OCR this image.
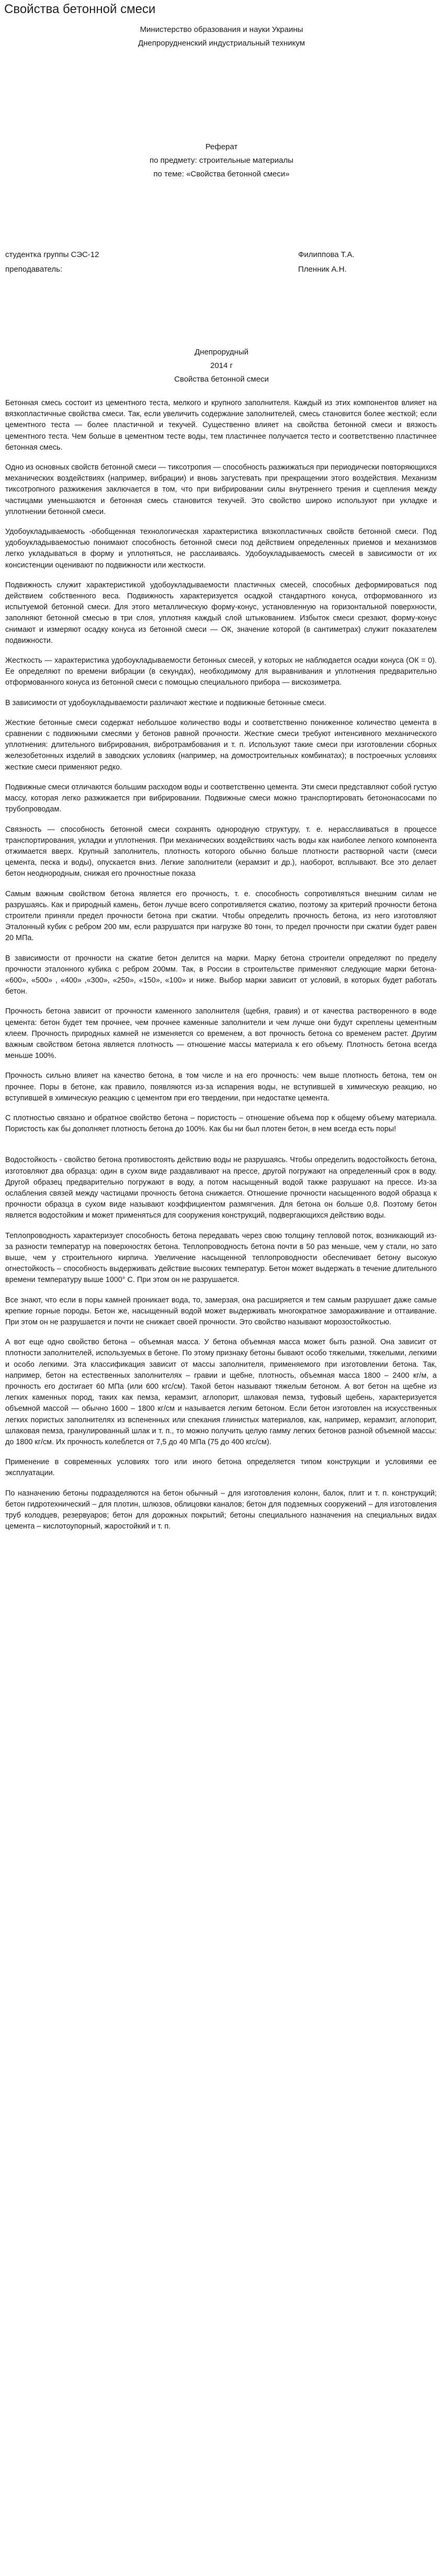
Свойства бетонной смеси
Министерство образования и науки Украины
Днепрорудненский индустриальный техникум
Реферат
по предмету: строительные материалы
по теме: «Свойства бетонной смеси»
студентка группы СЭС-12	Филиппова Т.А.
преподаватель:	Пленник А.Н.
Днепрорудный
2014 г
Свойства бетонной смеси

Бетонная смесь состоит из цементного теста, мелкого и крупного заполнителя. Каждый из этих компонентов влияет на вязкопластичные свойства смеси. Так, если увеличить содержание заполнителей, смесь становится более жесткой; если цементного теста — более пластичной и текучей. Существенно влияет на свойства бетонной смеси и вязкость цементного теста. Чем больше в цементном тесте воды, тем пластичнее получается тесто и соответственно пластичнее бетонная смесь.

Одно из основных свойств бетонной смеси — тиксотропия — способность разжижаться при периодически повторяющихся механических воздействиях (например, вибрации) и вновь загустевать при прекращении этого воздействия. Механизм тиксотропного разжижения заключается в том, что при вибрировании силы внутреннего трения и сцепления между частицами уменьшаются и бетонная смесь становится текучей. Это свойство широко используют при укладке и уплотнении бетонной смеси.

Удобоукладываемость -обобщенная технологическая характеристика вязкопластичных свойств бетонной смеси. Под удобоукладываемостью понимают способность бетонной смеси под действием определенных приемов и механизмов легко укладываться в форму и уплотняться, не расслаиваясь. Удобоукладываемость смесей в зависимости от их консистенции оценивают по подвижности или жесткости.

Подвижность служит характеристикой удобоукладываемости пластичных смесей, способных деформироваться под действием собственного веса. Подвижность характеризуется осадкой стандартного конуса, отформованного из испытуемой бетонной смеси. Для этого металлическую форму-конус, установленную на горизонтальной поверхности, заполняют бетонной смесью в три слоя, уплотняя каждый слой штыкованием. Избыток смеси срезают, форму-конус снимают и измеряют осадку конуса из бетонной смеси — ОК, значение которой (в сантиметрах) служит показателем подвижности.

Жесткость — характеристика удобоукладываемости бетонных смесей, у которых не наблюдается осадки конуса (ОК = 0). Ее определяют по времени вибрации (в секундах), необходимому для выравнивания и уплотнения предварительно отформованного конуса из бетонной смеси с помощью специального прибора — вискозиметра.

В зависимости от удобоукладываемости различают жесткие и подвижные бетонные смеси.

Жесткие бетонные смеси содержат небольшое количество воды и соответственно пониженное количество цемента в сравнении с подвижными смесями у бетонов равной прочности. Жесткие смеси требуют интенсивного механического уплотнения: длительного вибрирования, вибротрамбования и т. п. Используют такие смеси при изготовлении сборных железобетонных изделий в заводских условиях (например, на домостроительных комбинатах); в построечных условиях жесткие смеси применяют редко.

Подвижные смеси отличаются большим расходом воды и соответственно цемента. Эти смеси представляют собой густую массу, которая легко разжижается при вибрировании. Подвижные смеси можно транспортировать бетононасосами по трубопроводам.

Связность — способность бетонной смеси сохранять однородную структуру, т. е. нерасслаиваться в процессе транспортирования, укладки и уплотнения. При механических воздействиях часть воды как наиболее легкого компонента отжимается вверх. Крупный заполнитель, плотность которого обычно больше плотности растворной части (смеси цемента, песка и воды), опускается вниз. Легкие заполнители (керамзит и др.), наоборот, всплывают. Все это делает бетон неоднородным, снижая его прочностные показа

Самым важным свойством бетона является его прочность, т. е. способность сопротивляться внешним силам не разрушаясь. Как и природный камень, бетон лучше всего сопротивляется сжатию, поэтому за критерий прочности бетона строители приняли предел прочности бетона при сжатии. Чтобы определить прочность бетона, из него изготовляют Эталонный кубик с ребром 200 мм, если разрушатся при нагрузке 80 тонн, то предел прочности при сжатии будет равен 20 МПа.

В зависимости от прочности на сжатие бетон делится на марки. Марку бетона строители определяют по пределу прочности эталонного кубика с ребром 200мм. Так, в России в строительстве применяют следующие марки бетона- «600», «500» , «400» ,«300», «250», «150», «100» и ниже. Выбор марки зависит от условий, в которых будет работать бетон.

Прочность бетона зависит от прочности каменного заполнителя (щебня, гравия) и от качества растворенного в воде цемента: бетон будет тем прочнее, чем прочнее каменные заполнители и чем лучше они будут скреплены цементным клеем. Прочность природных камней не изменяется со временем, а вот прочность бетона со временем растет. Другим важным свойством бетона является плотность — отношение массы материала к его объему. Плотность бетона всегда меньше 100%.

Прочность сильно влияет на качество бетона, в том числе и на его прочность: чем выше плотность бетона, тем он прочнее. Поры в бетоне, как правило, появляются из-за испарения воды, не вступившей в химическую реакцию, но вступившей в химическую реакцию с цементом при его твердении, при недостатке цемента.

С плотностью связано и обратное свойство бетона – пористость – отношение объема пор к общему объему материала. Пористость как бы дополняет плотность бетона до 100%. Как бы ни был плотен бетон, в нем всегда есть поры!

Водостойкость - свойство бетона противостоять действию воды не разрушаясь. Чтобы определить водостойкость бетона, изготовляют два образца: один в сухом виде раздавливают на прессе, другой погружают на определенный срок в воду. Другой образец предварительно погружают в воду, а потом насыщенный водой также разрушают на прессе. Из-за ослабления связей между частицами прочность бетона снижается. Отношение прочности насыщенного водой образца к прочности образца в сухом виде называют коэффициентом размягчения. Для бетона он больше 0,8. Поэтому бетон является водостойким и может применяться для сооружения конструкций, подвергающихся действию воды.

Теплопроводность характеризует способность бетона передавать через свою толщину тепловой поток, возникающий из-за разности температур на поверхностях бетона. Теплопроводность бетона почти в 50 раз меньше, чем у стали, но зато выше, чем у строительного кирпича. Увеличение насыщенной теплопроводности обеспечивает бетону высокую огнестойкость – способность выдерживать действие высоких температур. Бетон может выдержать в течение длительного времени температуру выше 1000° С. При этом он не разрушается.

Все знают, что если в поры камней проникает вода, то, замерзая, она расширяется и тем самым разрушает даже самые крепкие горные породы. Бетон же, насыщенный водой может выдерживать многократное замораживание и оттаивание. При этом он не разрушается и почти не снижает своей прочности. Это свойство называют морозостойкостью.

А вот еще одно свойство бетона – объемная масса. У бетона объемная масса может быть разной. Она зависит от плотности заполнителей, используемых в бетоне. По этому признаку бетоны бывают особо тяжелыми, тяжелыми, легкими и особо легкими. Эта классификация зависит от массы заполнителя, применяемого при изготовлении бетона. Так, например, бетон на естественных заполнителях – гравии и щебне, плотность, объемная масса 1800 – 2400 кг/м, а прочность его достигает 60 МПа (или 600 кгс/см). Такой бетон называют тяжелым бетоном. А вот бетон на щебне из легких каменных пород, таких как пемза, керамзит, аглопорит, шлаковая пемза, туфовый щебень, характеризуется объемной массой — обычно 1600 – 1800 кг/см и называется легким бетоном. Если бетон изготовлен на искусственных легких пористых заполнителях из вспененных или спекания глинистых материалов, как, например, керамзит, аглопорит, шлаковая пемза, гранулированный шлак и т. п., то можно получить целую гамму легких бетонов разной объемной массы: до 1800 кг/см. Их прочность колеблется от 7,5 до 40 МПа (75 до 400 кгс/см).

Применение в современных условиях того или иного бетона определяется типом конструкции и условиями ее эксплуатации.

По назначению бетоны подразделяются на бетон обычный – для изготовления колонн, балок, плит и т. п. конструкций; бетон гидротехнический – для плотин, шлюзов, облицовки каналов; бетон для подземных сооружений – для изготовления труб колодцев, резервуаров; бетон для дорожных покрытий; бетоны специального назначения на специальных видах цемента – кислотоупорный, жаростойкий и т. п.
